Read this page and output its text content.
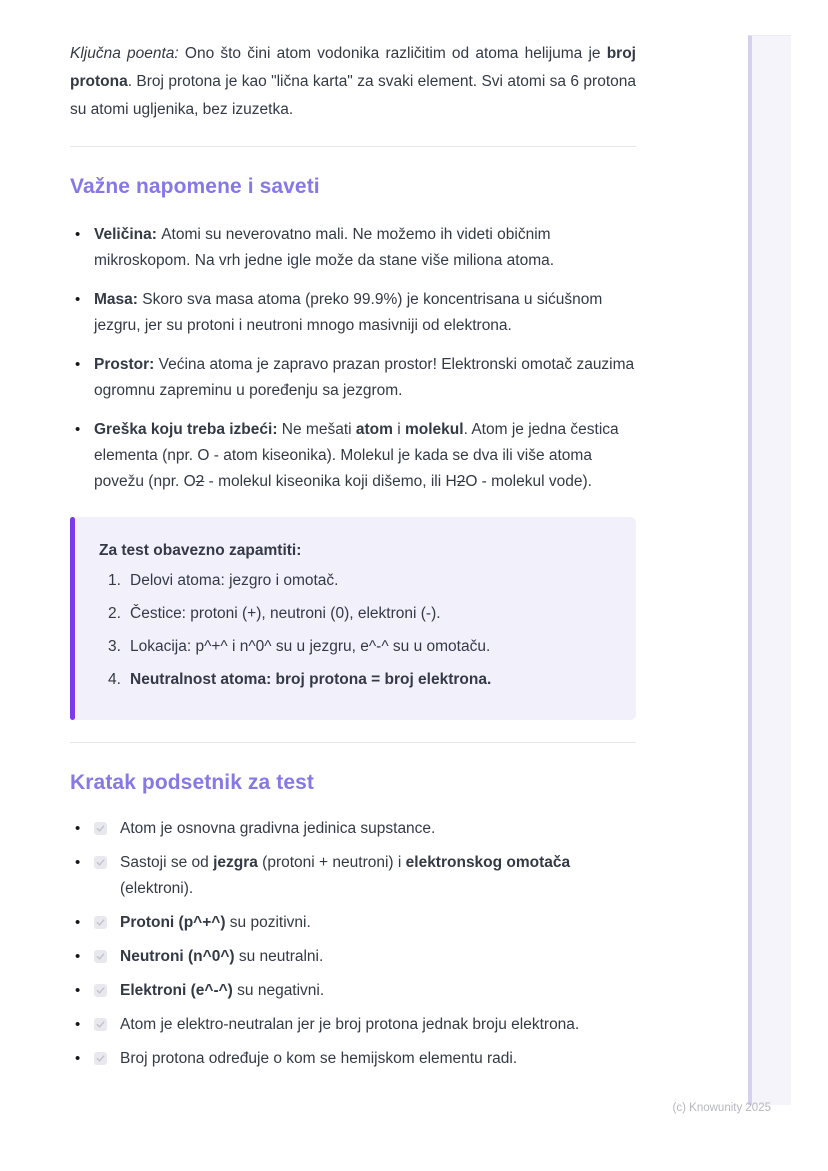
Ključna poenta: Ono što čini atom vodonika različitim od atoma helijuma je broj protona. Broj protona je kao "lična karta" za svaki element. Svi atomi sa 6 protona su atomi ugljenika, bez izuzetka.

Važne napomene i saveti
• Veličina: Atomi su neverovatno mali. Ne možemo ih videti običnim mikroskopom. Na vrh jedne igle može da stane više miliona atoma.
• Masa: Skoro sva masa atoma (preko 99.9%) je koncentrisana u sićušnom jezgru, jer su protoni i neutroni mnogo masivniji od elektrona.
• Prostor: Većina atoma je zapravo prazan prostor! Elektronski omotač zauzima ogromnu zapreminu u poređenju sa jezgrom.
• Greška koju treba izbeći: Ne mešati atom i molekul. Atom je jedna čestica elementa (npr. O - atom kiseonika). Molekul je kada se dva ili više atoma povežu (npr. O2 - molekul kiseonika koji dišemo, ili H2O - molekul vode).

Za test obavezno zapamtiti:

Delovi atoma: jezgro i omotač.
Čestice: protoni (+), neutroni (0), elektroni (-).
Lokacija: p^+^ i n^0^ su u jezgru, e^-^ su u omotaču.
Neutralnost atoma: broj protona = broj elektrona.
Kratak podsetnik za test
•	Atom je osnovna gradivna jedinica supstance.
•	Sastoji se od jezgra (protoni + neutroni) i elektronskog omotača (elektroni).
•	Protoni (p^+^) su pozitivni.
•	Neutroni (n^0^) su neutralni.
•	Elektroni (e^-^) su negativni.
•	Atom je elektro-neutralan jer je broj protona jednak broju elektrona.
•	Broj protona određuje o kom se hemijskom elementu radi.
(c) Knowunity 2025
